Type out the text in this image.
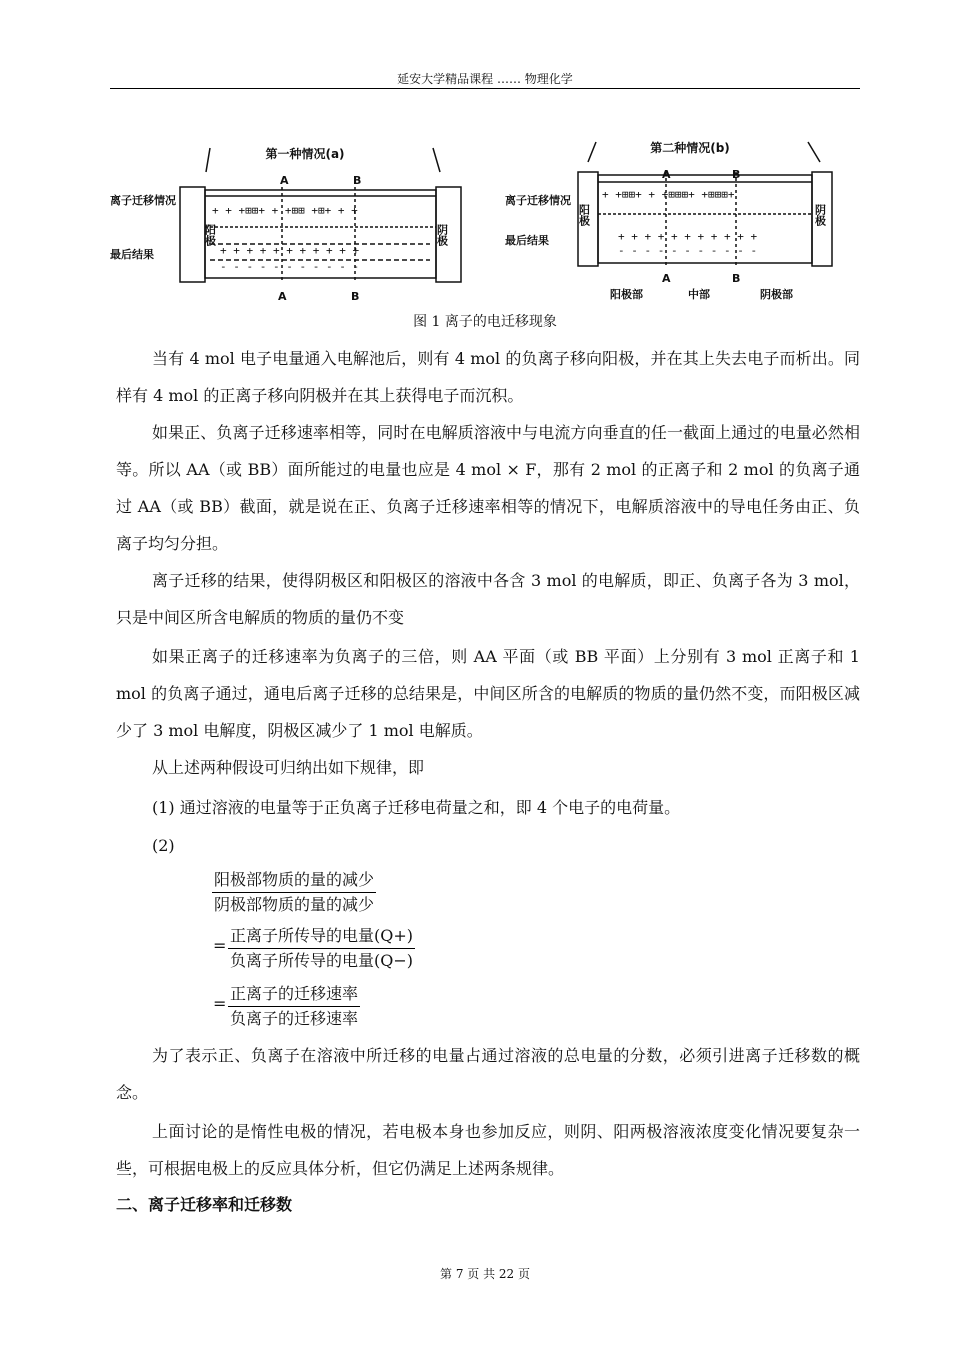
延安大学精品课程 …… 物理化学
第一种情况(a)
离子迁移情况
最后结果
A	B
A	B
阳极	阴极
+ + +⊞⊞+ + +⊞⊞ +⊞+ + +
+ + + + + + + + + + +
- - - - - - - - - - -
第二种情况(b)
离子迁移情况
最后结果
A	B
A	B
阳极部	中部	阴极部
阳极	阴极
+ +⊞⊞+ + +⊞⊞⊞+ +⊞⊞⊞+
+ + + + + + + + + + +
- - - - - - - - - - -
图 1 离子的电迁移现象

当有 4 mol 电子电量通入电解池后，则有 4 mol 的负离子移向阳极，并在其上失去电子而析出。同样有 4 mol 的正离子移向阴极并在其上获得电子而沉积。

如果正、负离子迁移速率相等，同时在电解质溶液中与电流方向垂直的任一截面上通过的电量必然相等。所以 AA（或 BB）面所能过的电量也应是 4 mol × F，那有 2 mol 的正离子和 2 mol 的负离子通过 AA（或 BB）截面，就是说在正、负离子迁移速率相等的情况下，电解质溶液中的导电任务由正、负离子均匀分担。

离子迁移的结果，使得阴极区和阳极区的溶液中各含 3 mol 的电解质，即正、负离子各为 3 mol，只是中间区所含电解质的物质的量仍不变

如果正离子的迁移速率为负离子的三倍，则 AA 平面（或 BB 平面）上分别有 3 mol 正离子和 1 mol 的负离子通过，通电后离子迁移的总结果是，中间区所含的电解质的物质的量仍然不变，而阳极区减少了 3 mol 电解度，阴极区减少了 1 mol 电解质。

从上述两种假设可归纳出如下规律，即

(1) 通过溶液的电量等于正负离子迁移电荷量之和，即 4 个电子的电荷量。

(2)

阳极部物质的量的减少
阴极部物质的量的减少
=
正离子所传导的电量(Q+)
负离子所传导的电量(Q−)
=
正离子的迁移速率
负离子的迁移速率

为了表示正、负离子在溶液中所迁移的电量占通过溶液的总电量的分数，必须引进离子迁移数的概念。

上面讨论的是惰性电极的情况，若电极本身也参加反应，则阴、阳两极溶液浓度变化情况要复杂一些，可根据电极上的反应具体分析，但它仍满足上述两条规律。

二、离子迁移率和迁移数

第 7 页 共 22 页
